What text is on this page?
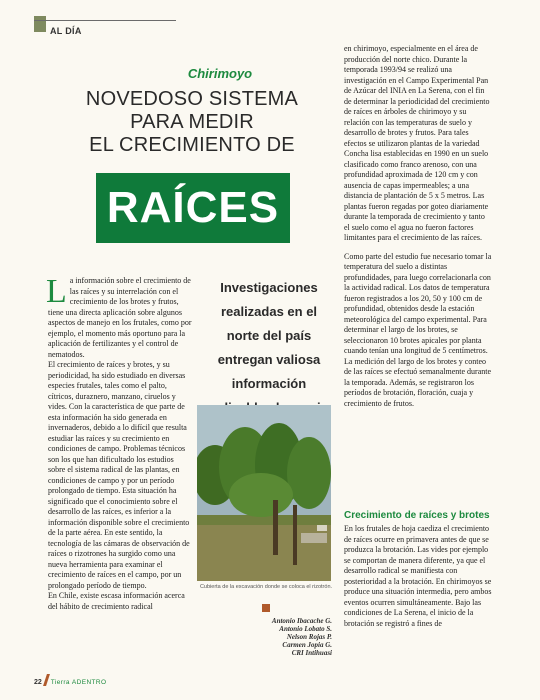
AL DÍA
Chirimoyo
NOVEDOSO SISTEMA
PARA MEDIR
EL CRECIMIENTO DE
RAÍCES

La información sobre el crecimiento de las raíces y su interrelación con el crecimiento de los brotes y frutos, tiene una directa aplicación sobre algunos aspectos de manejo en los frutales, como por ejemplo, el momento más oportuno para la aplicación de fertilizantes y el control de nematodos.

El crecimiento de raíces y brotes, y su periodicidad, ha sido estudiado en diversas especies frutales, tales como el palto, cítricos, duraznero, manzano, ciruelos y vides. Con la característica de que parte de esta información ha sido generada en invernaderos, debido a lo difícil que resulta estudiar las raíces y su crecimiento en condiciones de campo. Problemas técnicos son los que han dificultado los estudios sobre el sistema radical de las plantas, en condiciones de campo y por un período prolongado de tiempo. Esta situación ha significado que el conocimiento sobre el desarrollo de las raíces, es inferior a la información disponible sobre el crecimiento de la parte aérea. En este sentido, la tecnología de las cámaras de observación de raíces o rizotrones ha surgido como una nueva herramienta para examinar el crecimiento de raíces en el campo, por un prolongado período de tiempo.

En Chile, existe escasa información acerca del hábito de crecimiento radical

Investigaciones realizadas en el norte del país entregan valiosa información
Cubierta de la excavación donde se coloca el rizotrón.
Antonio Ibacache G.
Antonio Lobato S.
Nelson Rojas P.
Carmen Jopia G.
CRI Intihuasi

en chirimoyo, especialmente en el área de producción del norte chico. Durante la temporada 1993/94 se realizó una investigación en el Campo Experimental Pan de Azúcar del INIA en La Serena, con el fin de determinar la periodicidad del crecimiento de raíces en árboles de chirimoyo y su relación con las temperaturas de suelo y desarrollo de brotes y frutos. Para tales efectos se utilizaron plantas de la variedad Concha lisa establecidas en 1990 en un suelo clasificado como franco arenoso, con una profundidad aproximada de 120 cm y con ausencia de capas impermeables; a una distancia de plantación de 5 x 5 metros. Las plantas fueron regadas por goteo diariamente durante la temporada de crecimiento y tanto el suelo como el agua no fueron factores limitantes para el crecimiento de las raíces.

Como parte del estudio fue necesario tomar la temperatura del suelo a distintas profundidades, para luego correlacionarla con la actividad radical. Los datos de temperatura fueron registrados a los 20, 50 y 100 cm de profundidad, obtenidos desde la estación meteorológica del campo experimental. Para determinar el largo de los brotes, se seleccionaron 10 brotes apicales por planta cuando tenían una longitud de 5 centímetros. La medición del largo de los brotes y conteo de las raíces se efectuó semanalmente durante la temporada. Además, se registraron los períodos de brotación, floración, cuaja y crecimiento de frutos.

Crecimiento de raíces y brotes

En los frutales de hoja caediza el crecimiento de raíces ocurre en primavera antes de que se produzca la brotación. Las vides por ejemplo se comportan de manera diferente, ya que el desarrollo radical se manifiesta con posterioridad a la brotación. En chirimoyos se produce una situación intermedia, pero ambos eventos ocurren simultáneamente. Bajo las condiciones de La Serena, el inicio de la brotación se registró a fines de

22 Tierra ADENTRO
